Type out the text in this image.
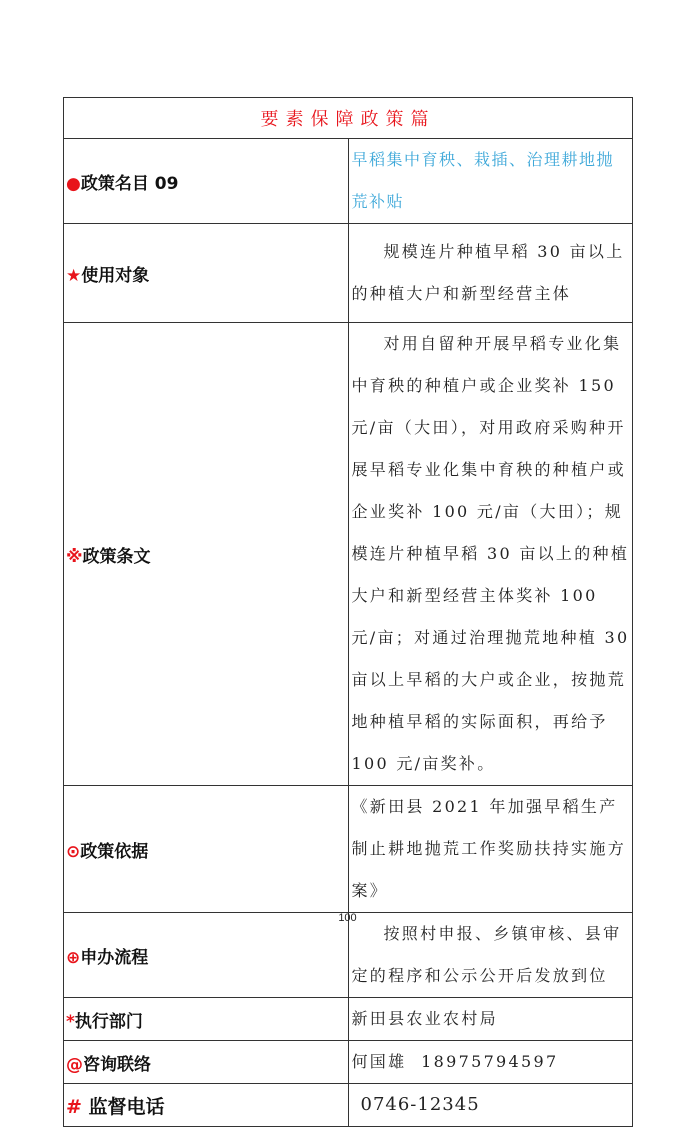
要素保障政策篇	
●政策名目 09	早稻集中育秧、栽插、治理耕地抛荒补贴
★使用对象	规模连片种植早稻 30 亩以上的种植大户和新型经营主体
※政策条文	对用自留种开展早稻专业化集中育秧的种植户或企业奖补 150 元/亩（大田），对用政府采购种开展早稻专业化集中育秧的种植户或企业奖补 100 元/亩（大田）；规模连片种植早稻 30 亩以上的种植大户和新型经营主体奖补 100 元/亩；对通过治理抛荒地种植 30 亩以上早稻的大户或企业，按抛荒地种植早稻的实际面积，再给予 100 元/亩奖补。
⊙政策依据	《新田县 2021 年加强早稻生产制止耕地抛荒工作奖励扶持实施方案》
⊕申办流程	按照村申报、乡镇审核、县审定的程序和公示公开后发放到位
*执行部门	新田县农业农村局
@咨询联络	何国雄  18975794597
# 监督电话	0746-12345
100
